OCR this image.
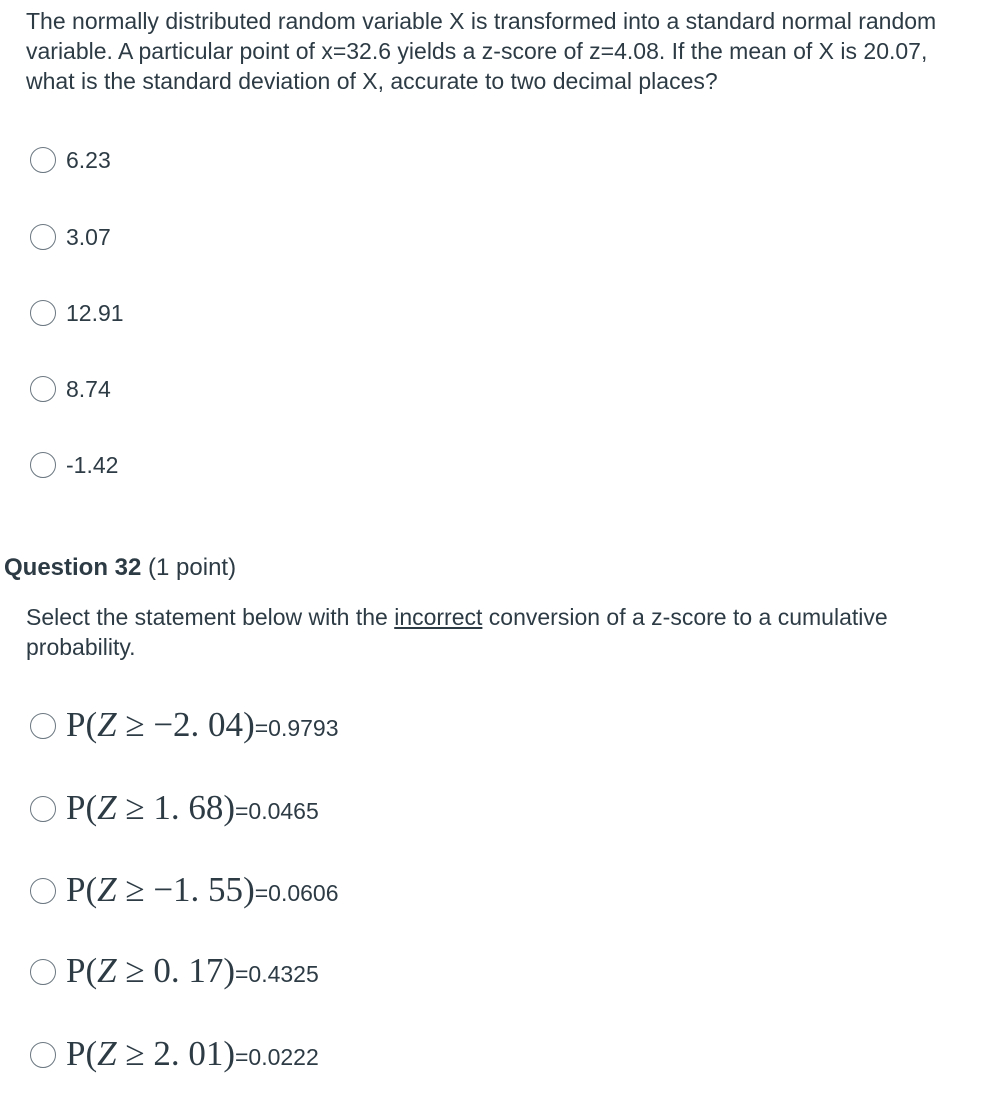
The normally distributed random variable X is transformed into a standard normal random variable. A particular point of x=32.6 yields a z-score of z=4.08. If the mean of X is 20.07, what is the standard deviation of X, accurate to two decimal places?

6.23
3.07
12.91
8.74
-1.42
Question 32 (1 point)

Select the statement below with the incorrect conversion of a z-score to a cumulative probability.

P(Z ≥ −2. 04)=0.9793
P(Z ≥ 1. 68)=0.0465
P(Z ≥ −1. 55)=0.0606
P(Z ≥ 0. 17)=0.4325
P(Z ≥ 2. 01)=0.0222
